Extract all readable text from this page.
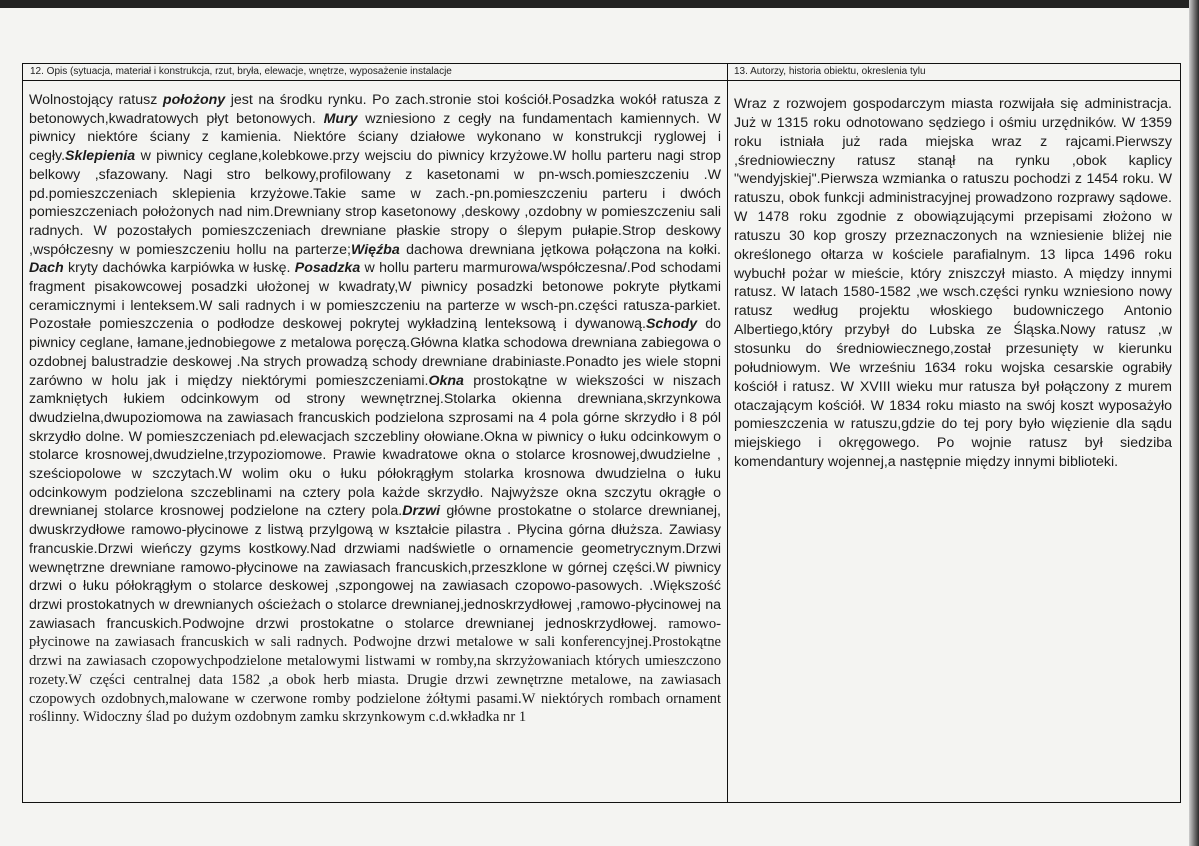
12. Opis (sytuacja, materiał i konstrukcja, rzut, bryła, elewacje, wnętrze, wyposażenie instalacje	13. Autorzy, historia obiektu, okreslenia tylu
Wolnostojący ratusz położony jest na środku rynku. Po zach.stronie stoi kościół.Posadzka wokół ratusza z betonowych,kwadratowych płyt betonowych. Mury wzniesiono z cegły na fundamentach kamiennych. W piwnicy niektóre ściany z kamienia. Niektóre ściany działowe wykonano w konstrukcji ryglowej i cegły.Sklepienia w piwnicy ceglane,kolebkowe.przy wejsciu do piwnicy krzyżowe.W hollu parteru nagi strop belkowy ,sfazowany. Nagi stro belkowy,profilowany z kasetonami w pn-wsch.pomieszczeniu .W pd.pomieszczeniach sklepienia krzyżowe.Takie same w zach.-pn.pomieszczeniu parteru i dwóch pomieszczeniach położonych nad nim.Drewniany strop kasetonowy ,deskowy ,ozdobny w pomieszczeniu sali radnych. W pozostałych pomieszczeniach drewniane płaskie stropy o ślepym pułapie.Strop deskowy ,współczesny w pomieszczeniu hollu na parterze;Więźba dachowa drewniana jętkowa połączona na kołki. Dach kryty dachówka karpiówka w łuskę. Posadzka w hollu parteru marmurowa/współczesna/.Pod schodami fragment pisakowcowej posadzki ułożonej w kwadraty,W piwnicy posadzki betonowe pokryte płytkami ceramicznymi i lenteksem.W sali radnych i w pomieszczeniu na parterze w wsch-pn.części ratusza-parkiet. Pozostałe pomieszczenia o podłodze deskowej pokrytej wykładziną lenteksową i dywanową.Schody do piwnicy ceglane, łamane,jednobiegowe z metalowa poręczą.Główna klatka schodowa drewniana zabiegowa o ozdobnej balustradzie deskowej .Na strych prowadzą schody drewniane drabiniaste.Ponadto jes wiele stopni zarówno w holu jak i między niektórymi pomieszczeniami.Okna prostokątne w wiekszości w niszach zamkniętych łukiem odcinkowym od strony wewnętrznej.Stolarka okienna drewniana,skrzynkowa dwudzielna,dwupoziomowa na zawiasach francuskich podzielona szprosami na 4 pola górne skrzydło i 8 pól skrzydło dolne. W pomieszczeniach pd.elewacjach szczebliny ołowiane.Okna w piwnicy o łuku odcinkowym o stolarce krosnowej,dwudzielne,trzypoziomowe. Prawie kwadratowe okna o stolarce krosnowej,dwudzielne , sześciopolowe w szczytach.W wolim oku o łuku półokrągłym stolarka krosnowa dwudzielna o łuku odcinkowym podzielona szczeblinami na cztery pola każde skrzydło. Najwyższe okna szczytu okrągłe o drewnianej stolarce krosnowej podzielone na cztery pola.Drzwi główne prostokatne o stolarce drewnianej, dwuskrzydłowe ramowo-płycinowe z listwą przylgową w kształcie pilastra . Płycina górna dłuższa. Zawiasy francuskie.Drzwi wieńczy gzyms kostkowy.Nad drzwiami nadświetle o ornamencie geometrycznym.Drzwi wewnętrzne drewniane ramowo-płycinowe na zawiasach francuskich,przeszklone w górnej części.W piwnicy drzwi o łuku półokrągłym o stolarce deskowej ,szpongowej na zawiasach czopowo-pasowych. .Większość drzwi prostokatnych w drewnianych ościeżach o stolarce drewnianej,jednoskrzydłowej ,ramowo-płycinowej na zawiasach francuskich.Podwojne drzwi prostokatne o stolarce drewnianej jednoskrzydłowej. ramowo-płycinowe na zawiasach francuskich w sali radnych. Podwojne drzwi metalowe w sali konferencyjnej.Prostokątne drzwi na zawiasach czopowychpodzielone metalowymi listwami w romby,na skrzyżowaniach których umieszczono rozety.W części centralnej data 1582 ,a obok herb miasta. Drugie drzwi zewnętrzne metalowe, na zawiasach czopowych ozdobnych,malowane w czerwone romby podzielone żółtymi pasami.W niektórych rombach ornament roślinny. Widoczny ślad po dużym ozdobnym zamku skrzynkowym c.d.wkładka nr 1
Wraz z rozwojem gospodarczym miasta rozwijała się administracja. Już w 1315 roku odnotowano sędziego i ośmiu urzędników. W 1359 roku istniała już rada miejska wraz z rajcami.Pierwszy ,średniowieczny ratusz stanął na rynku ,obok kaplicy "wendyjskiej".Pierwsza wzmianka o ratuszu pochodzi z 1454 roku. W ratuszu, obok funkcji administracyjnej prowadzono rozprawy sądowe. W 1478 roku zgodnie z obowiązującymi przepisami złożono w ratuszu 30 kop groszy przeznaczonych na wzniesienie bliżej nie określonego ołtarza w kościele parafialnym. 13 lipca 1496 roku wybuchł pożar w mieście, który zniszczył miasto. A między innymi ratusz. W latach 1580-1582 ,we wsch.części rynku wzniesiono nowy ratusz według projektu włoskiego budowniczego Antonio Albertiego,który przybył do Lubska ze Śląska.Nowy ratusz ,w stosunku do średniowiecznego,został przesunięty w kierunku południowym. We wrześniu 1634 roku wojska cesarskie ograbiły kościół i ratusz. W XVIII wieku mur ratusza był połączony z murem otaczającym kościół. W 1834 roku miasto na swój koszt wyposażyło pomieszczenia w ratuszu,gdzie do tej pory było więzienie dla sądu miejskiego i okręgowego. Po wojnie ratusz był siedziba komendantury wojennej,a następnie między innymi biblioteki.
